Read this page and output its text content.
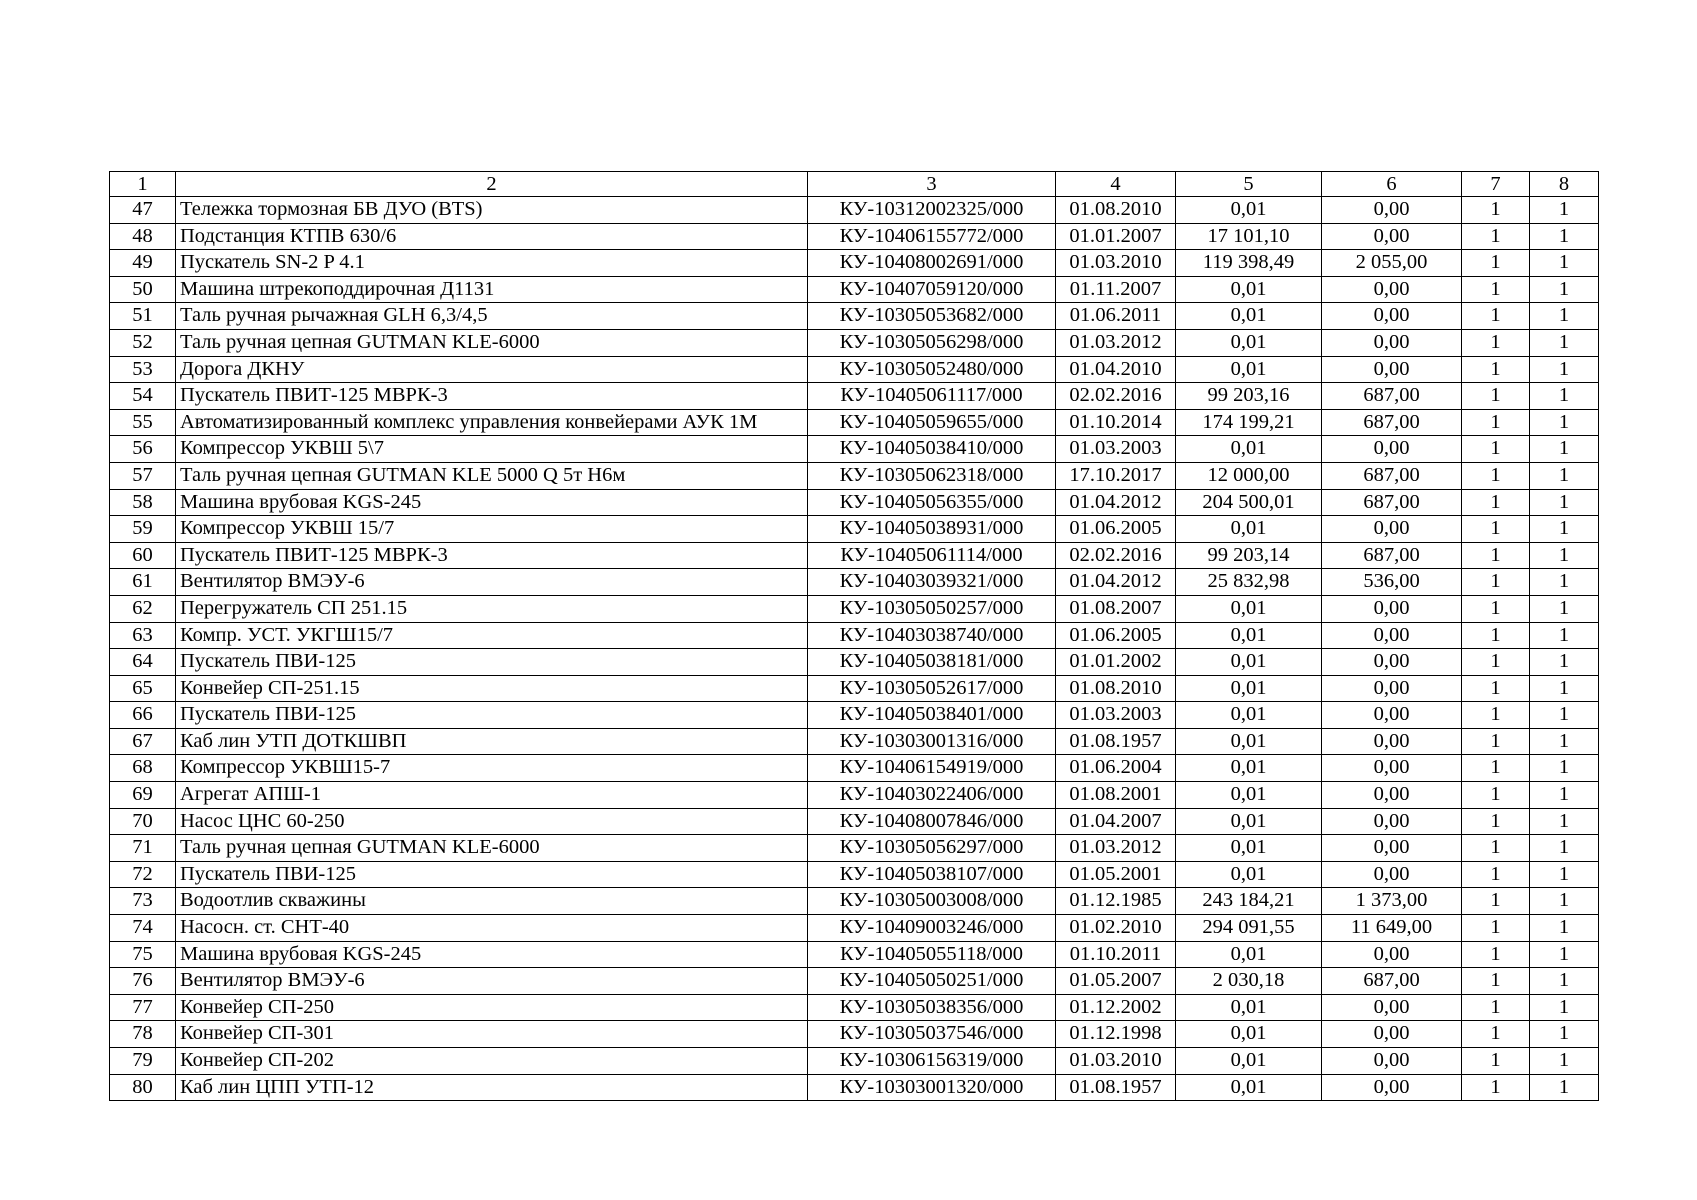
1	2	3	4	5	6	7	8
47	Тележка тормозная БВ ДУО (BTS)	КУ-10312002325/000	01.08.2010	0,01	0,00	1	1
48	Подстанция КТПВ 630/6	КУ-10406155772/000	01.01.2007	17 101,10	0,00	1	1
49	Пускатель SN-2 P 4.1	КУ-10408002691/000	01.03.2010	119 398,49	2 055,00	1	1
50	Машина штрекоподдирочная Д1131	КУ-10407059120/000	01.11.2007	0,01	0,00	1	1
51	Таль ручная рычажная GLH 6,3/4,5	КУ-10305053682/000	01.06.2011	0,01	0,00	1	1
52	Таль ручная цепная GUTMAN KLE-6000	КУ-10305056298/000	01.03.2012	0,01	0,00	1	1
53	Дорога ДКНУ	КУ-10305052480/000	01.04.2010	0,01	0,00	1	1
54	Пускатель ПВИТ-125 МВРК-3	КУ-10405061117/000	02.02.2016	99 203,16	687,00	1	1
55	Автоматизированный комплекс управления конвейерами АУК 1М	КУ-10405059655/000	01.10.2014	174 199,21	687,00	1	1
56	Компрессор УКВШ 5\7	КУ-10405038410/000	01.03.2003	0,01	0,00	1	1
57	Таль ручная цепная GUTMAN KLE 5000 Q 5т Н6м	КУ-10305062318/000	17.10.2017	12 000,00	687,00	1	1
58	Машина врубовая KGS-245	КУ-10405056355/000	01.04.2012	204 500,01	687,00	1	1
59	Компрессор УКВШ 15/7	КУ-10405038931/000	01.06.2005	0,01	0,00	1	1
60	Пускатель ПВИТ-125 МВРК-3	КУ-10405061114/000	02.02.2016	99 203,14	687,00	1	1
61	Вентилятор ВМЭУ-6	КУ-10403039321/000	01.04.2012	25 832,98	536,00	1	1
62	Перегружатель СП 251.15	КУ-10305050257/000	01.08.2007	0,01	0,00	1	1
63	Компр. УСТ. УКГШ15/7	КУ-10403038740/000	01.06.2005	0,01	0,00	1	1
64	Пускатель ПВИ-125	КУ-10405038181/000	01.01.2002	0,01	0,00	1	1
65	Конвейер СП-251.15	КУ-10305052617/000	01.08.2010	0,01	0,00	1	1
66	Пускатель ПВИ-125	КУ-10405038401/000	01.03.2003	0,01	0,00	1	1
67	Каб лин УТП ДОТКШВП	КУ-10303001316/000	01.08.1957	0,01	0,00	1	1
68	Компрессор УКВШ15-7	КУ-10406154919/000	01.06.2004	0,01	0,00	1	1
69	Агрегат АПШ-1	КУ-10403022406/000	01.08.2001	0,01	0,00	1	1
70	Насос ЦНС 60-250	КУ-10408007846/000	01.04.2007	0,01	0,00	1	1
71	Таль ручная цепная GUTMAN KLE-6000	КУ-10305056297/000	01.03.2012	0,01	0,00	1	1
72	Пускатель ПВИ-125	КУ-10405038107/000	01.05.2001	0,01	0,00	1	1
73	Водоотлив скважины	КУ-10305003008/000	01.12.1985	243 184,21	1 373,00	1	1
74	Насосн. ст. СНТ-40	КУ-10409003246/000	01.02.2010	294 091,55	11 649,00	1	1
75	Машина врубовая KGS-245	КУ-10405055118/000	01.10.2011	0,01	0,00	1	1
76	Вентилятор ВМЭУ-6	КУ-10405050251/000	01.05.2007	2 030,18	687,00	1	1
77	Конвейер СП-250	КУ-10305038356/000	01.12.2002	0,01	0,00	1	1
78	Конвейер СП-301	КУ-10305037546/000	01.12.1998	0,01	0,00	1	1
79	Конвейер СП-202	КУ-10306156319/000	01.03.2010	0,01	0,00	1	1
80	Каб лин ЦПП УТП-12	КУ-10303001320/000	01.08.1957	0,01	0,00	1	1
